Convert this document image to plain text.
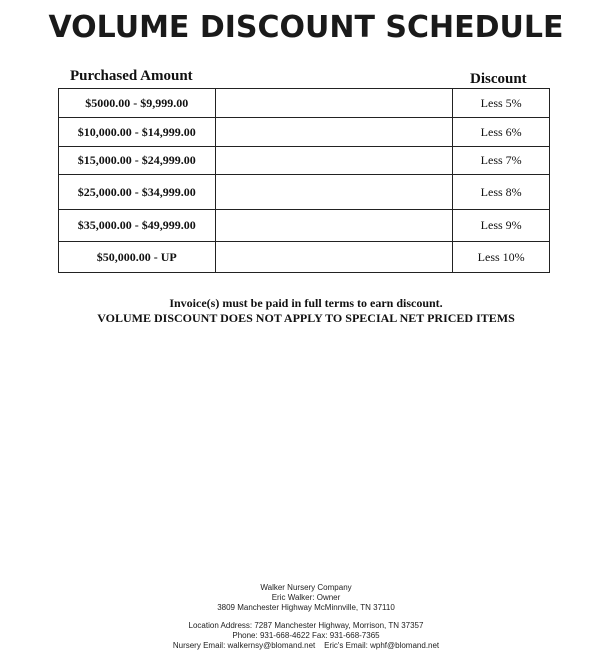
VOLUME DISCOUNT SCHEDULE
Purchased Amount	Discount
$5000.00 - $9,999.00		Less 5%
$10,000.00 - $14,999.00		Less 6%
$15,000.00 - $24,999.00		Less 7%
$25,000.00 - $34,999.00		Less 8%
$35,000.00 - $49,999.00		Less 9%
$50,000.00 - UP		Less 10%
Invoice(s) must be paid in full terms to earn discount.
VOLUME DISCOUNT DOES NOT APPLY TO SPECIAL NET PRICED ITEMS
Walker Nursery Company
Eric Walker: Owner
3809 Manchester Highway McMinnville, TN 37110
Location Address: 7287 Manchester Highway, Morrison, TN 37357
Phone: 931-668-4622 Fax: 931-668-7365
Nursery Email: walkernsy@blomand.net    Eric's Email: wphf@blomand.net
